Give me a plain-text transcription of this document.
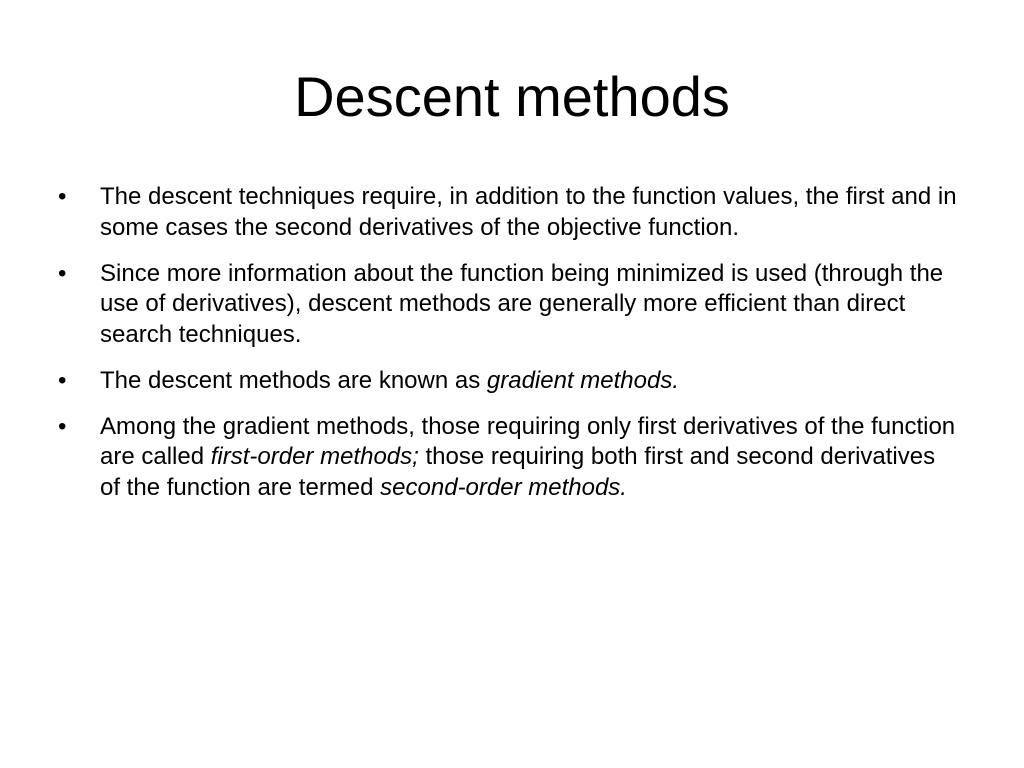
Descent methods
•	The descent techniques require, in addition to the function values, the first and in some cases the second derivatives of the objective function.
•	Since more information about the function being minimized is used (through the use of derivatives), descent methods are generally more efficient than direct search techniques.
•	The descent methods are known as gradient methods.
•	Among the gradient methods, those requiring only first derivatives of the function are called first-order methods; those requiring both first and second derivatives of the function are termed second-order methods.
